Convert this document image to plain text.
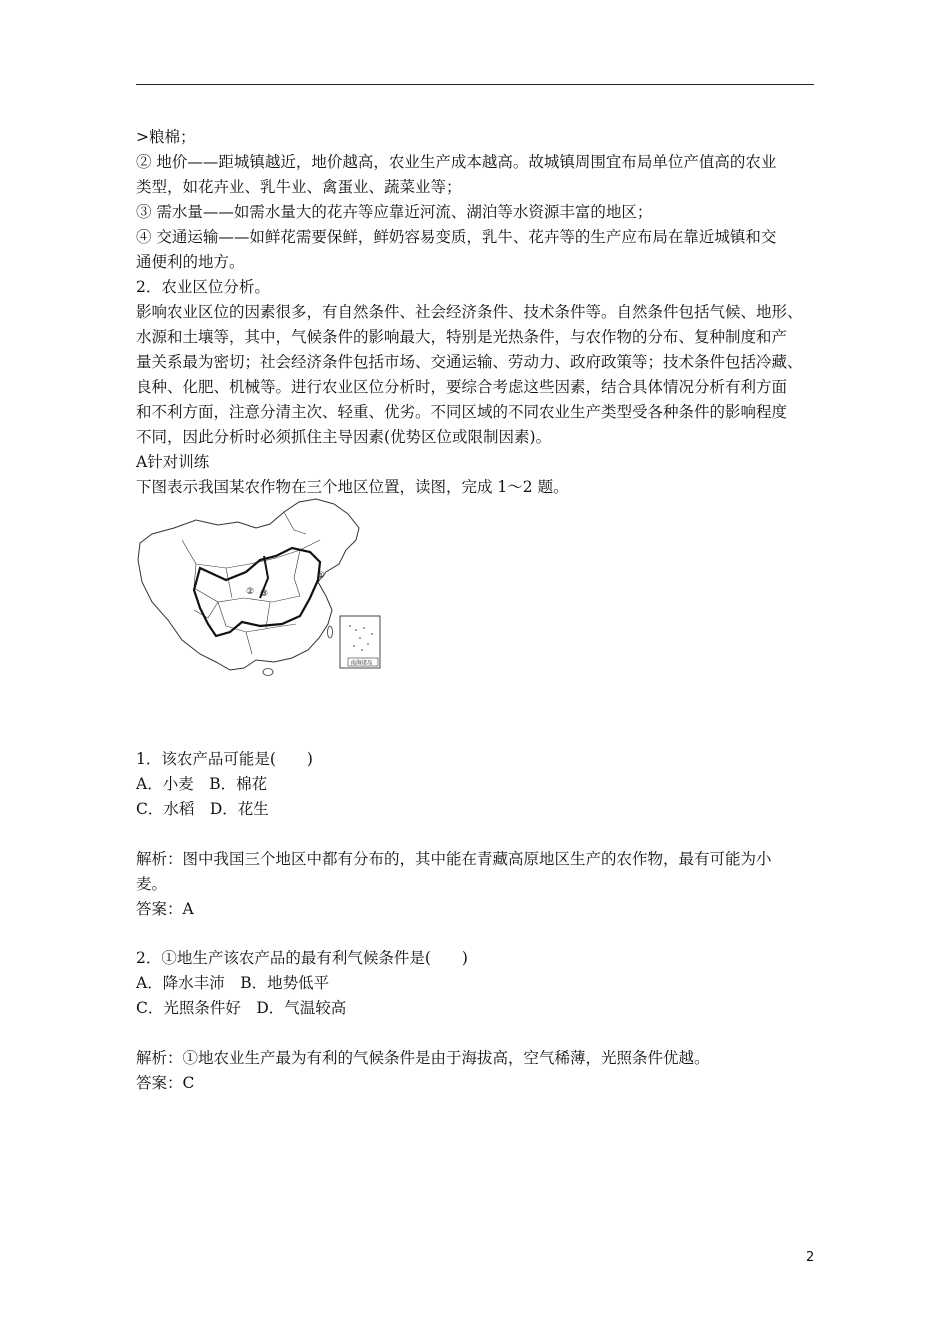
>粮棉；
② 地价——距城镇越近，地价越高，农业生产成本越高。故城镇周围宜布局单位产值高的农业
类型，如花卉业、乳牛业、禽蛋业、蔬菜业等；
③ 需水量——如需水量大的花卉等应靠近河流、湖泊等水资源丰富的地区；
④ 交通运输——如鲜花需要保鲜，鲜奶容易变质，乳牛、花卉等的生产应布局在靠近城镇和交
通便利的地方。
2．农业区位分析。
影响农业区位的因素很多，有自然条件、社会经济条件、技术条件等。自然条件包括气候、地形、
水源和土壤等，其中，气候条件的影响最大，特别是光热条件，与农作物的分布、复种制度和产
量关系最为密切；社会经济条件包括市场、交通运输、劳动力、政府政策等；技术条件包括冷藏、
良种、化肥、机械等。进行农业区位分析时，要综合考虑这些因素，结合具体情况分析有利方面
和不利方面，注意分清主次、轻重、优劣。不同区域的不同农业生产类型受各种条件的影响程度
不同，因此分析时必须抓住主导因素(优势区位或限制因素)。
A针对训练
下图表示我国某农作物在三个地区位置，读图，完成 1～2 题。
①
② ③
南海诸岛
1．该农产品可能是(　　)
A．小麦　B．棉花
C．水稻　D．花生
解析：图中我国三个地区中都有分布的，其中能在青藏高原地区生产的农作物，最有可能为小
麦。
答案：A
2．①地生产该农产品的最有利气候条件是(　　)
A．降水丰沛　B．地势低平
C．光照条件好　D．气温较高
解析：①地农业生产最为有利的气候条件是由于海拔高，空气稀薄，光照条件优越。
答案：C
2
